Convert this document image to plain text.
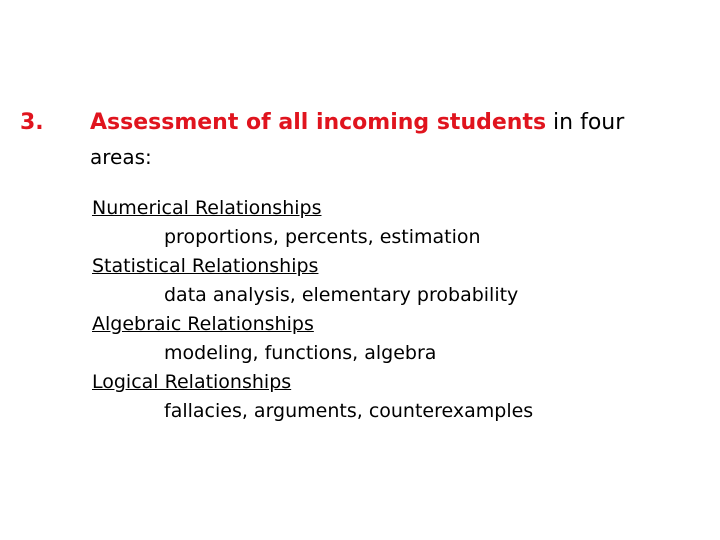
3. Assessment of all incoming students in four
areas:
Numerical Relationships
proportions, percents, estimation
Statistical Relationships
data analysis, elementary probability
Algebraic Relationships
modeling, functions, algebra
Logical Relationships
fallacies, arguments, counterexamples
